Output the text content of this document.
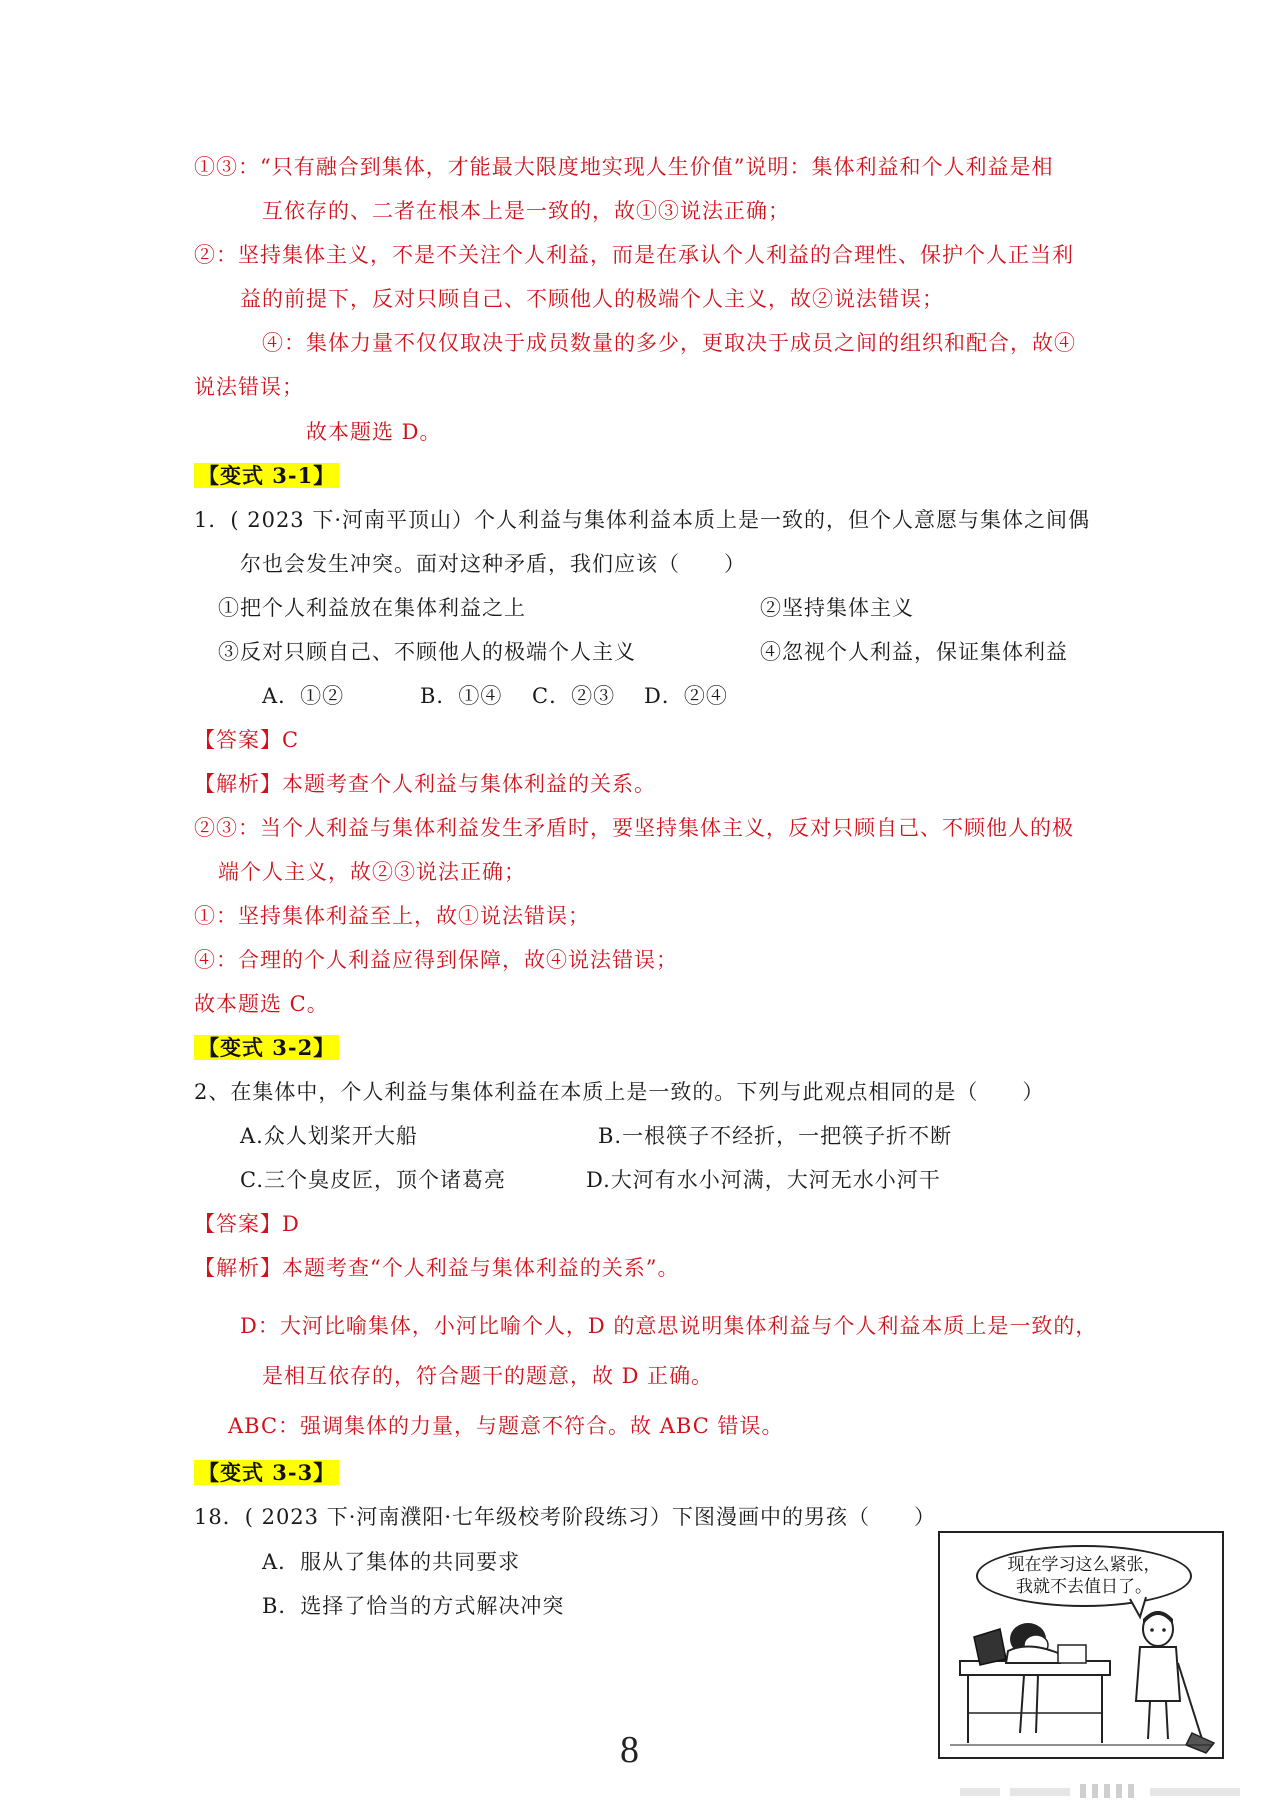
①③：“只有融合到集体，才能最大限度地实现人生价值”说明：集体利益和个人利益是相
互依存的、二者在根本上是一致的，故①③说法正确；
②：坚持集体主义，不是不关注个人利益，而是在承认个人利益的合理性、保护个人正当利
益的前提下，反对只顾自己、不顾他人的极端个人主义，故②说法错误；
④：集体力量不仅仅取决于成员数量的多少，更取决于成员之间的组织和配合，故④
说法错误；
故本题选 D。
【变式 3-1】
1．( 2023 下·河南平顶山）个人利益与集体利益本质上是一致的，但个人意愿与集体之间偶
尔也会发生冲突。面对这种矛盾，我们应该（　　）
①把个人利益放在集体利益之上	②坚持集体主义
③反对只顾自己、不顾他人的极端个人主义	④忽视个人利益，保证集体利益
A．①②	B．①④ C．②③ D．②④
【答案】C
【解析】本题考查个人利益与集体利益的关系。
②③：当个人利益与集体利益发生矛盾时，要坚持集体主义，反对只顾自己、不顾他人的极
端个人主义，故②③说法正确；
①：坚持集体利益至上，故①说法错误；
④：合理的个人利益应得到保障，故④说法错误；
故本题选 C。
【变式 3-2】
2、在集体中，个人利益与集体利益在本质上是一致的。下列与此观点相同的是（　　）
A.众人划桨开大船	B.一根筷子不经折，一把筷子折不断
C.三个臭皮匠，顶个诸葛亮	D.大河有水小河满，大河无水小河干
【答案】D
【解析】本题考查“个人利益与集体利益的关系”。
D：大河比喻集体，小河比喻个人，D 的意思说明集体利益与个人利益本质上是一致的，
是相互依存的，符合题干的题意，故 D 正确。
ABC：强调集体的力量，与题意不符合。故 ABC 错误。
【变式 3-3】
18．( 2023 下·河南濮阳·七年级校考阶段练习）下图漫画中的男孩（　　）
A．服从了集体的共同要求
B．选择了恰当的方式解决冲突
现在学习这么紧张，
我就不去值日了。
8
